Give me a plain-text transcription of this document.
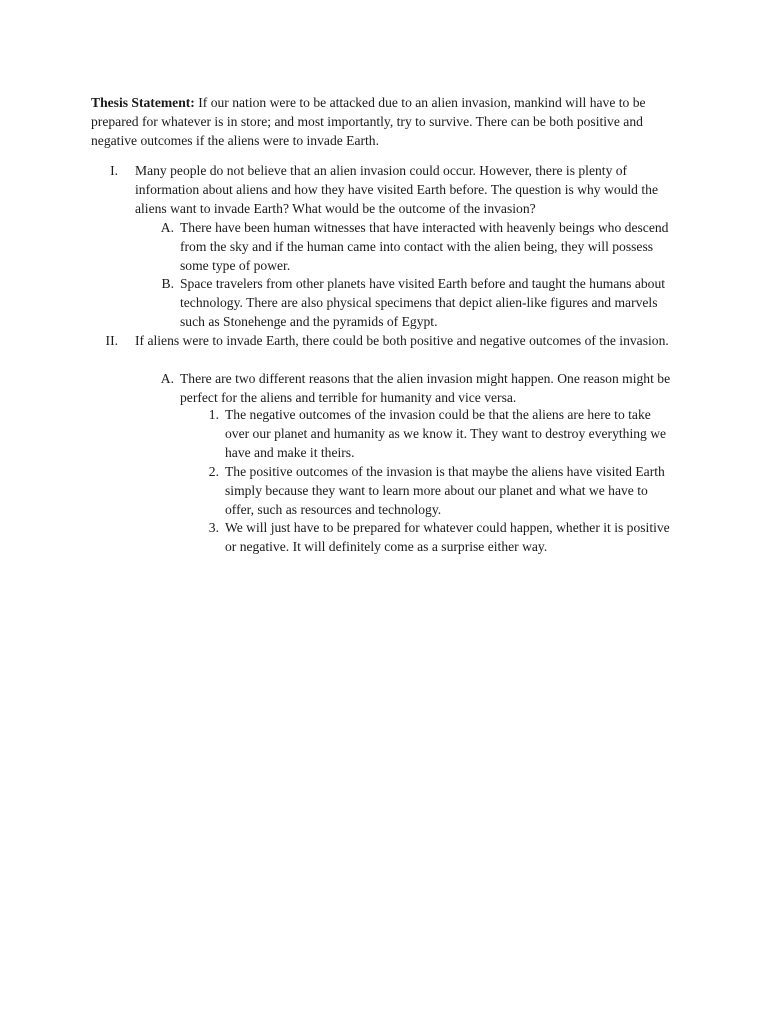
Thesis Statement: If our nation were to be attacked due to an alien invasion, mankind will have to be prepared for whatever is in store; and most importantly, try to survive. There can be both positive and negative outcomes if the aliens were to invade Earth.

I. Many people do not believe that an alien invasion could occur. However, there is plenty of information about aliens and how they have visited Earth before. The question is why would the aliens want to invade Earth? What would be the outcome of the invasion?
A. There have been human witnesses that have interacted with heavenly beings who descend from the sky and if the human came into contact with the alien being, they will possess some type of power.
B. Space travelers from other planets have visited Earth before and taught the humans about technology. There are also physical specimens that depict alien-like figures and marvels such as Stonehenge and the pyramids of Egypt.
II. If aliens were to invade Earth, there could be both positive and negative outcomes of the invasion.
A. There are two different reasons that the alien invasion might happen. One reason might be perfect for the aliens and terrible for humanity and vice versa.
1. The negative outcomes of the invasion could be that the aliens are here to take over our planet and humanity as we know it. They want to destroy everything we have and make it theirs.
2. The positive outcomes of the invasion is that maybe the aliens have visited Earth simply because they want to learn more about our planet and what we have to offer, such as resources and technology.
3. We will just have to be prepared for whatever could happen, whether it is positive or negative. It will definitely come as a surprise either way.
